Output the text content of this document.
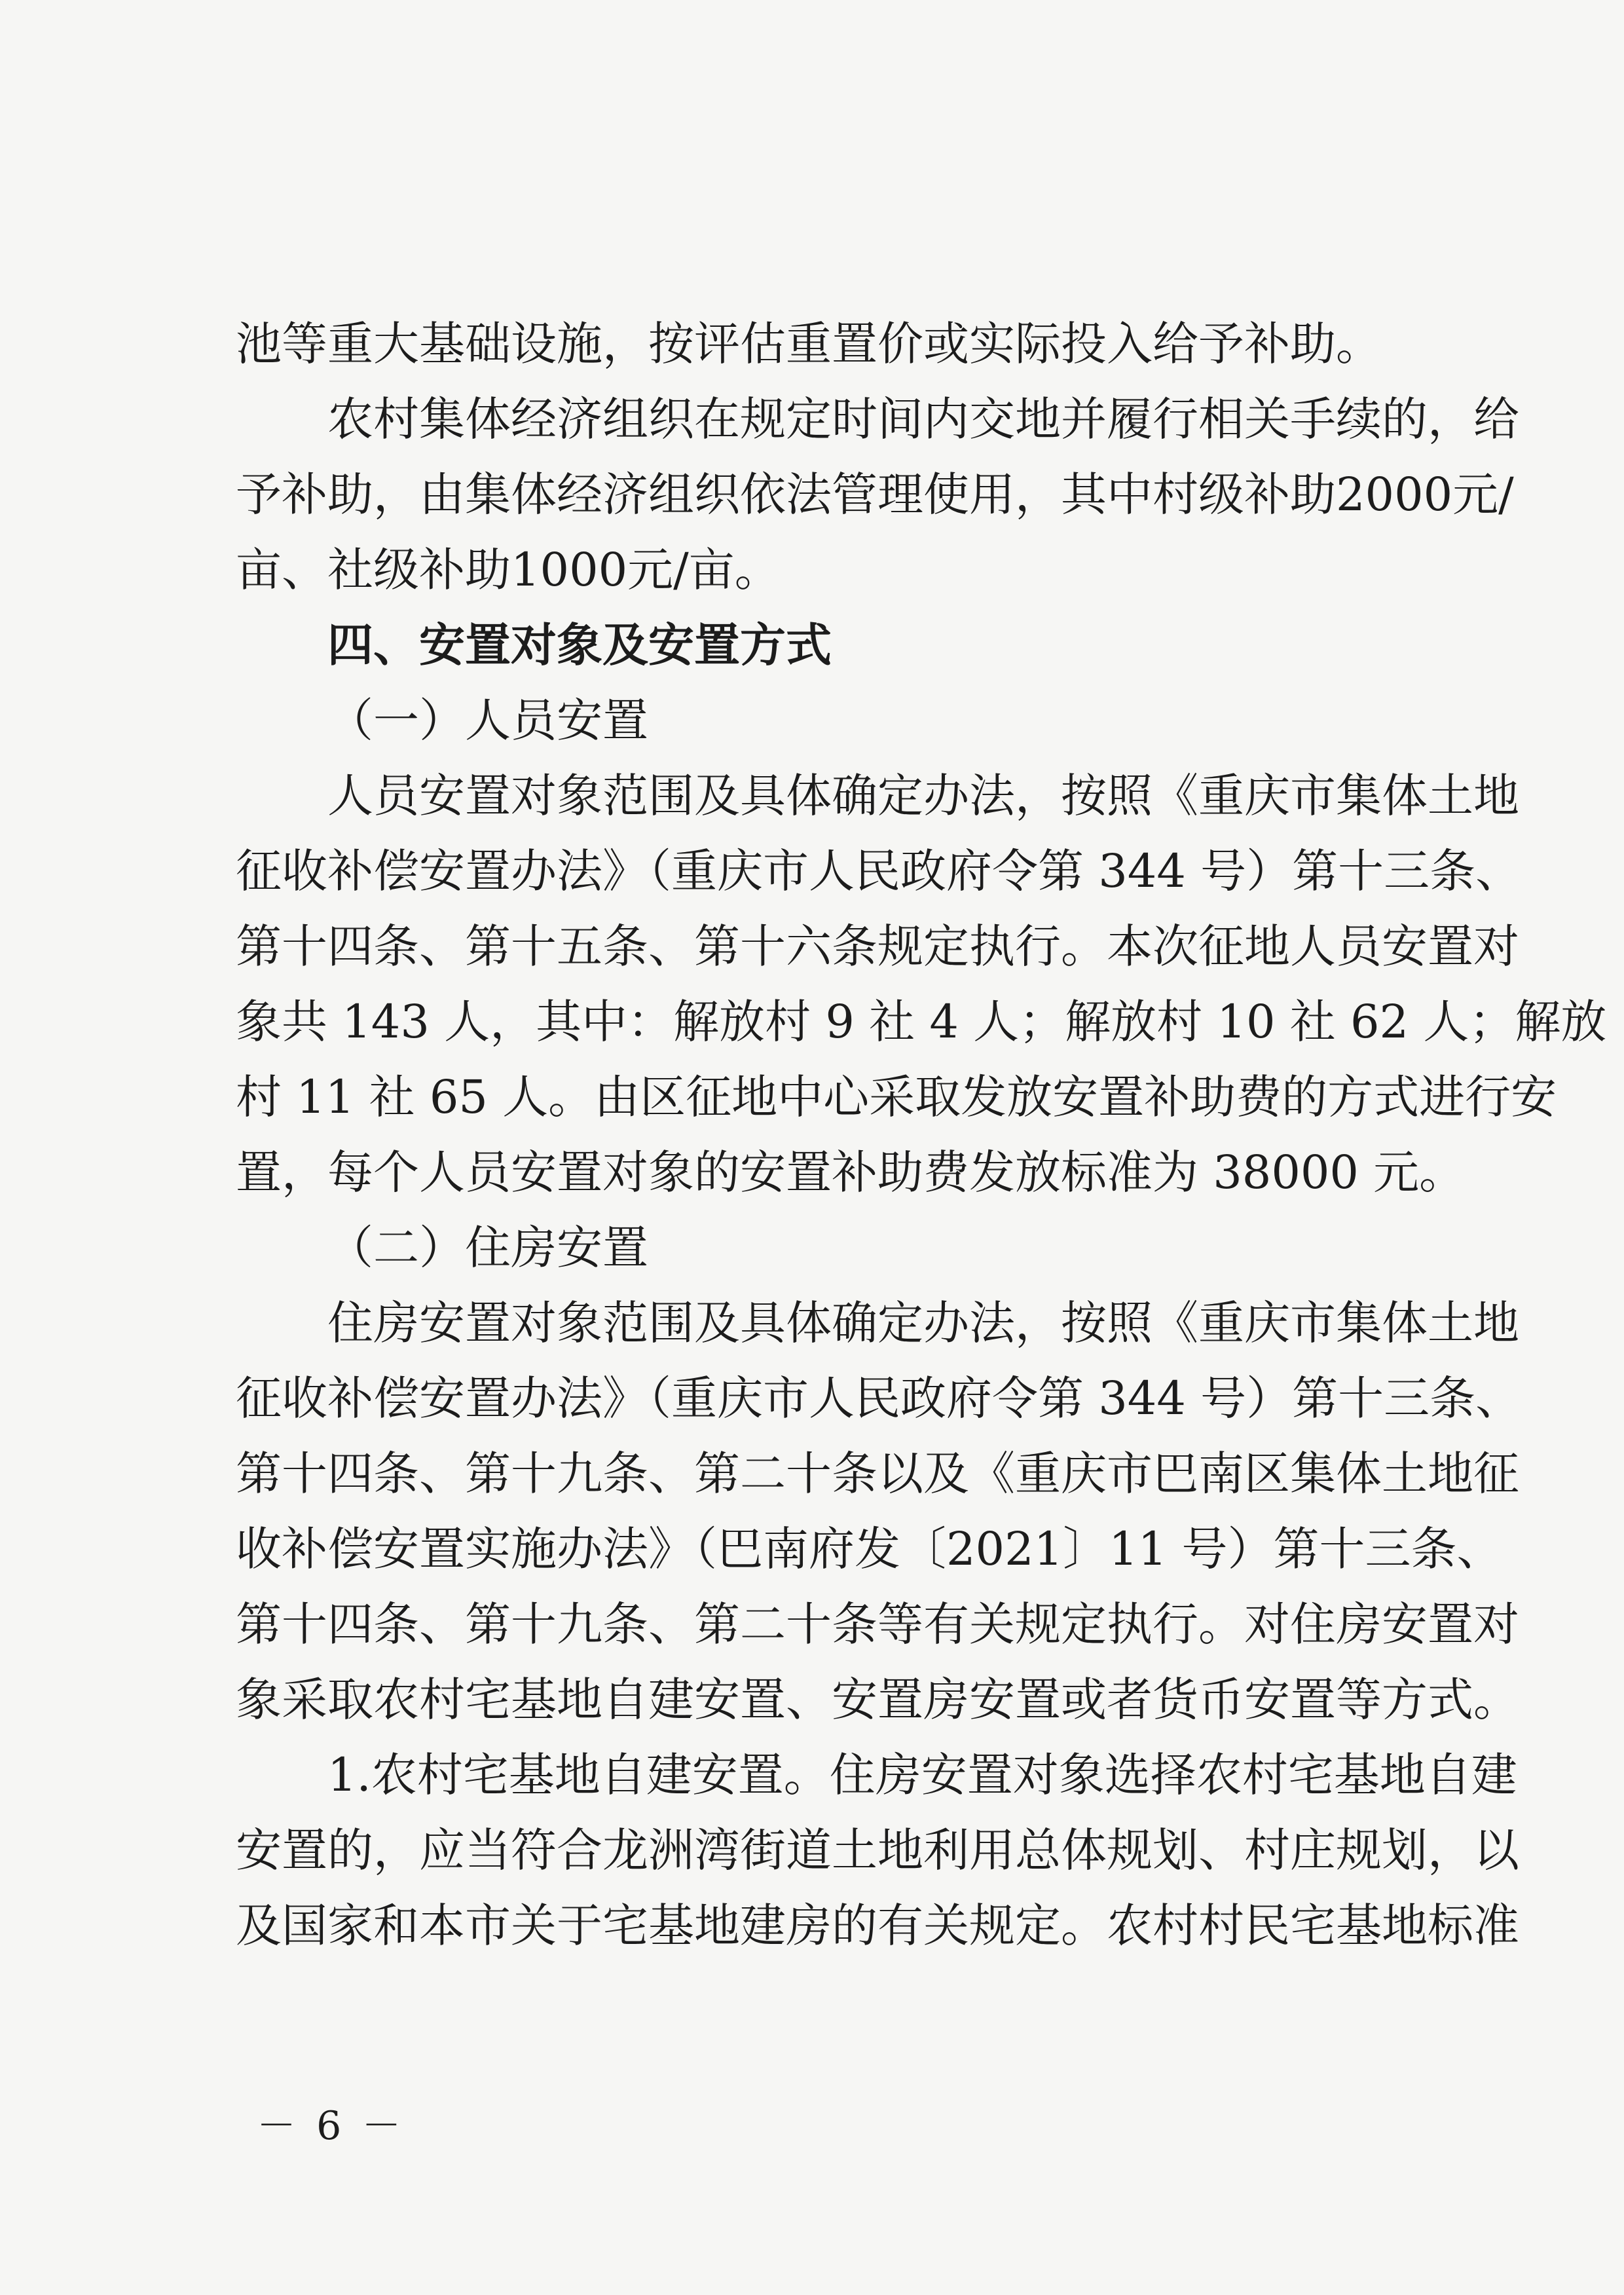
池等重大基础设施，按评估重置价或实际投入给予补助。
农村集体经济组织在规定时间内交地并履行相关手续的，给
予补助，由集体经济组织依法管理使用，其中村级补助2000元/
亩、社级补助1000元/亩。
四、安置对象及安置方式
（一）人员安置
人员安置对象范围及具体确定办法，按照《重庆市集体土地
征收补偿安置办法》（重庆市人民政府令第 344 号）第十三条、
第十四条、第十五条、第十六条规定执行。本次征地人员安置对
象共 143 人，其中：解放村 9 社 4 人；解放村 10 社 62 人；解放
村 11 社 65 人。由区征地中心采取发放安置补助费的方式进行安
置，每个人员安置对象的安置补助费发放标准为 38000 元。
（二）住房安置
住房安置对象范围及具体确定办法，按照《重庆市集体土地
征收补偿安置办法》（重庆市人民政府令第 344 号）第十三条、
第十四条、第十九条、第二十条以及《重庆市巴南区集体土地征
收补偿安置实施办法》（巴南府发〔2021〕11 号）第十三条、
第十四条、第十九条、第二十条等有关规定执行。对住房安置对
象采取农村宅基地自建安置、安置房安置或者货币安置等方式。
1.农村宅基地自建安置。住房安置对象选择农村宅基地自建
安置的，应当符合龙洲湾街道土地利用总体规划、村庄规划，以
及国家和本市关于宅基地建房的有关规定。农村村民宅基地标准
－ 6 －
